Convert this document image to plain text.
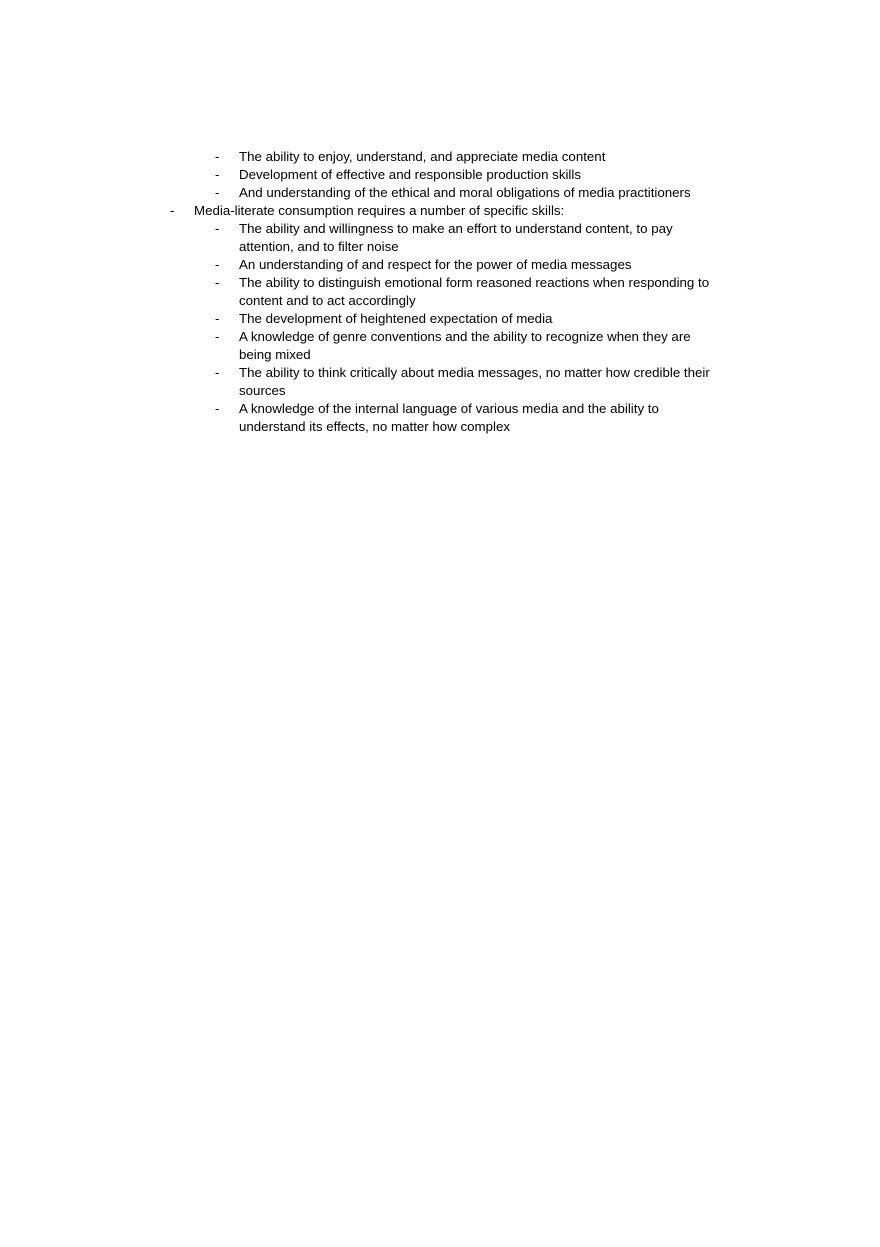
- The ability to enjoy, understand, and appreciate media content
- Development of effective and responsible production skills
- And understanding of the ethical and moral obligations of media practitioners
- Media-literate consumption requires a number of specific skills:
- The ability and willingness to make an effort to understand content, to pay attention, and to filter noise
- An understanding of and respect for the power of media messages
- The ability to distinguish emotional form reasoned reactions when responding to content and to act accordingly
- The development of heightened expectation of media
- A knowledge of genre conventions and the ability to recognize when they are being mixed
- The ability to think critically about media messages, no matter how credible their sources
- A knowledge of the internal language of various media and the ability to understand its effects, no matter how complex
